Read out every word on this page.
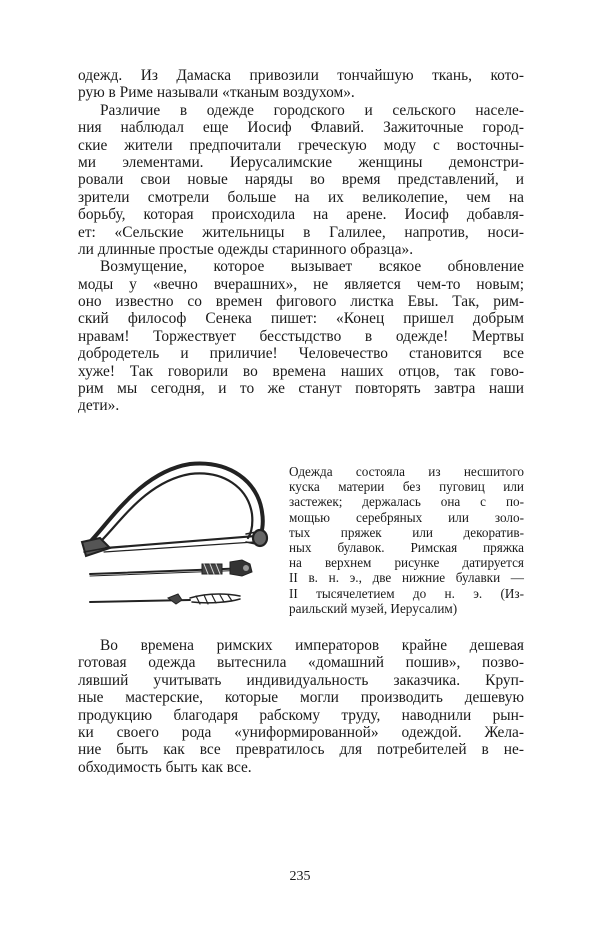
одежд. Из Дамаска привозили тончайшую ткань, кото-
рую в Риме называли «тканым воздухом».
Различие в одежде городского и сельского населе-
ния наблюдал еще Иосиф Флавий. Зажиточные город-
ские жители предпочитали греческую моду с восточны-
ми элементами. Иерусалимские женщины демонстри-
ровали свои новые наряды во время представлений, и
зрители смотрели больше на их великолепие, чем на
борьбу, которая происходила на арене. Иосиф добавля-
ет: «Сельские жительницы в Галилее, напротив, носи-
ли длинные простые одежды старинного образца».
Возмущение, которое вызывает всякое обновление
моды у «вечно вчерашних», не является чем-то новым;
оно известно со времен фигового листка Евы. Так, рим-
ский философ Сенека пишет: «Конец пришел добрым
нравам! Торжествует бесстыдство в одежде! Мертвы
добродетель и приличие! Человечество становится все
хуже! Так говорили во времена наших отцов, так гово-
рим мы сегодня, и то же станут повторять завтра наши
дети».
Одежда состояла из несшитого
куска материи без пуговиц или
застежек; держалась она с по-
мощью серебряных или золо-
тых пряжек или декоратив-
ных булавок. Римская пряжка
на верхнем рисунке датируется
II в. н. э., две нижние булавки —
II тысячелетием до н. э. (Из-
раильский музей, Иерусалим)
Во времена римских императоров крайне дешевая
готовая одежда вытеснила «домашний пошив», позво-
лявший учитывать индивидуальность заказчика. Круп-
ные мастерские, которые могли производить дешевую
продукцию благодаря рабскому труду, наводнили рын-
ки своего рода «униформированной» одеждой. Жела-
ние быть как все превратилось для потребителей в не-
обходимость быть как все.
235
